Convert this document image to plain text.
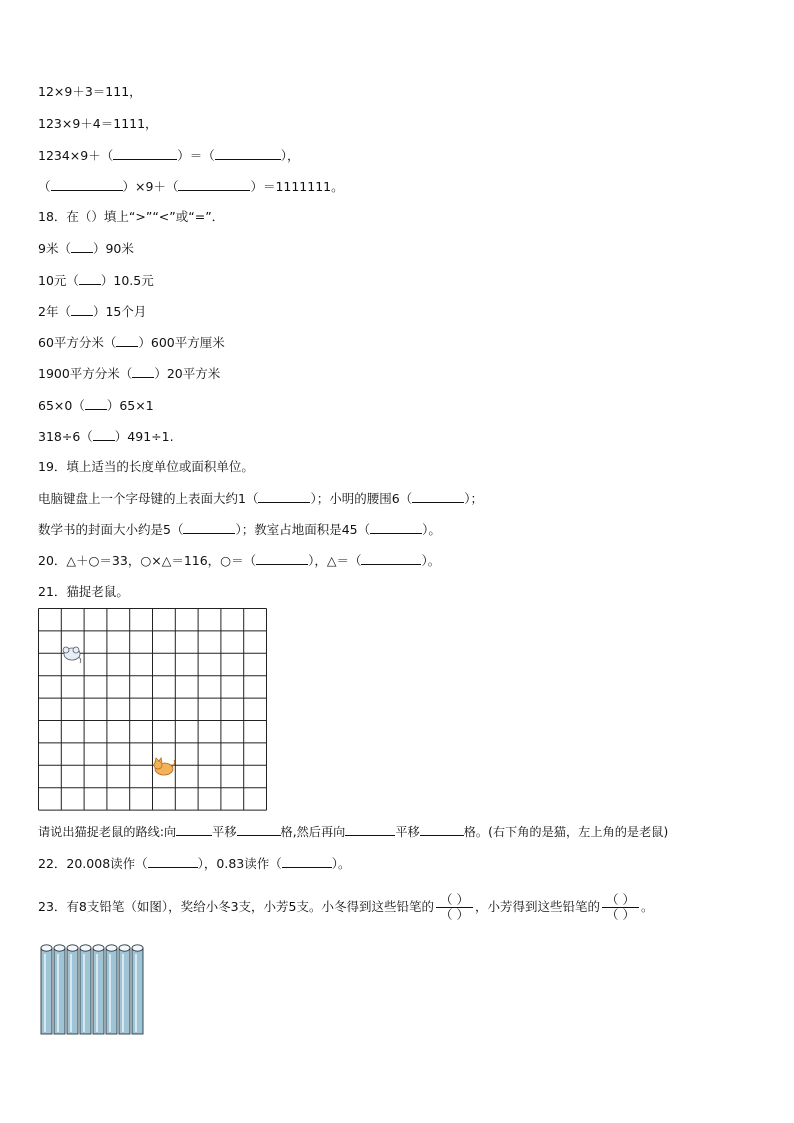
12×9＋3＝111，
123×9＋4＝1111，
1234×9＋（	）＝（	），
（	）×9＋（	）＝1111111。
18．在（）填上“>”“<”或“=”．
9米（ ）90米
10元（ ）10.5元
2年（ ）15个月
60平方分米（ ）600平方厘米
1900平方分米（ ）20平方米
65×0（ ）65×1
318÷6（ ）491÷1.
19．填上适当的长度单位或面积单位。
电脑键盘上一个字母键的上表面大约1（	）；小明的腰围6（	）；
数学书的封面大小约是5（	）；教室占地面积是45（	）。
20．△＋○＝33，○×△＝116，○＝（	），△＝（	）。
21．猫捉老鼠。
请说出猫捉老鼠的路线:向	平移	格,然后再向	平移	格。(右下角的是猫，左上角的是老鼠)
22．20.008读作（	），0.83读作（	）。
23．有8支铅笔（如图），奖给小冬3支，小芳5支。小冬得到这些铅笔的 $\frac{( )}{( )}$ ，小芳得到这些铅笔的 $\frac{( )}{( )}$ 。
